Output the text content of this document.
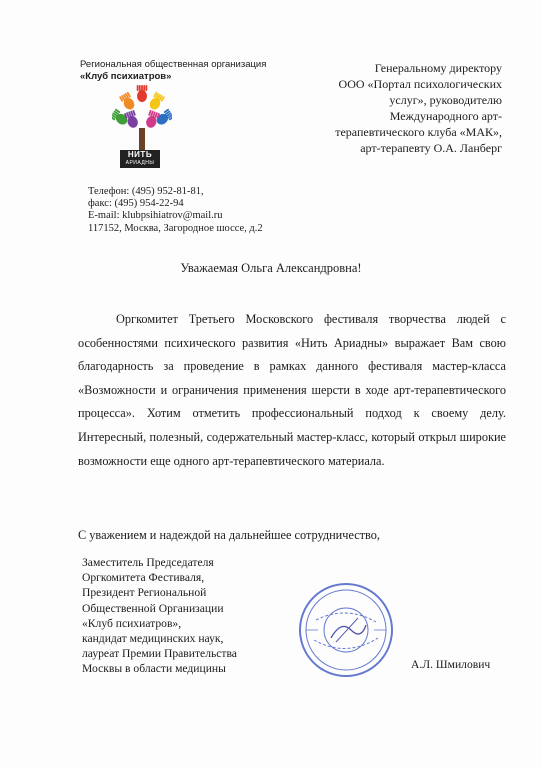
Региональная общественная организация
«Клуб психиатров»
НИТЬ
АРИАДНЫ
Генеральному директору
ООО «Портал психологических
услуг», руководителю
Международного арт-
терапевтического клуба «МАК»,
арт-терапевту О.А. Ланберг
Телефон: (495) 952-81-81,
факс: (495) 954-22-94
E-mail: klubpsihiatrov@mail.ru
117152, Москва, Загородное шоссе, д.2
Уважаемая Ольга Александровна!

Оргкомитет Третьего Московского фестиваля творчества людей с особенностями психического развития «Нить Ариадны» выражает Вам свою благодарность за проведение в рамках данного фестиваля мастер-класса «Возможности и ограничения применения шерсти в ходе арт-терапевтического процесса». Хотим отметить профессиональный подход к своему делу. Интересный, полезный, содержательный мастер-класс, который открыл широкие возможности еще одного арт-терапевтического материала.

С уважением и надеждой на дальнейшее сотрудничество,
Заместитель Председателя
Оргкомитета Фестиваля,
Президент Региональной
Общественной Организации
«Клуб психиатров»,
кандидат медицинских наук,
лауреат Премии Правительства
Москвы в области медицины	А.Л. Шмилович
